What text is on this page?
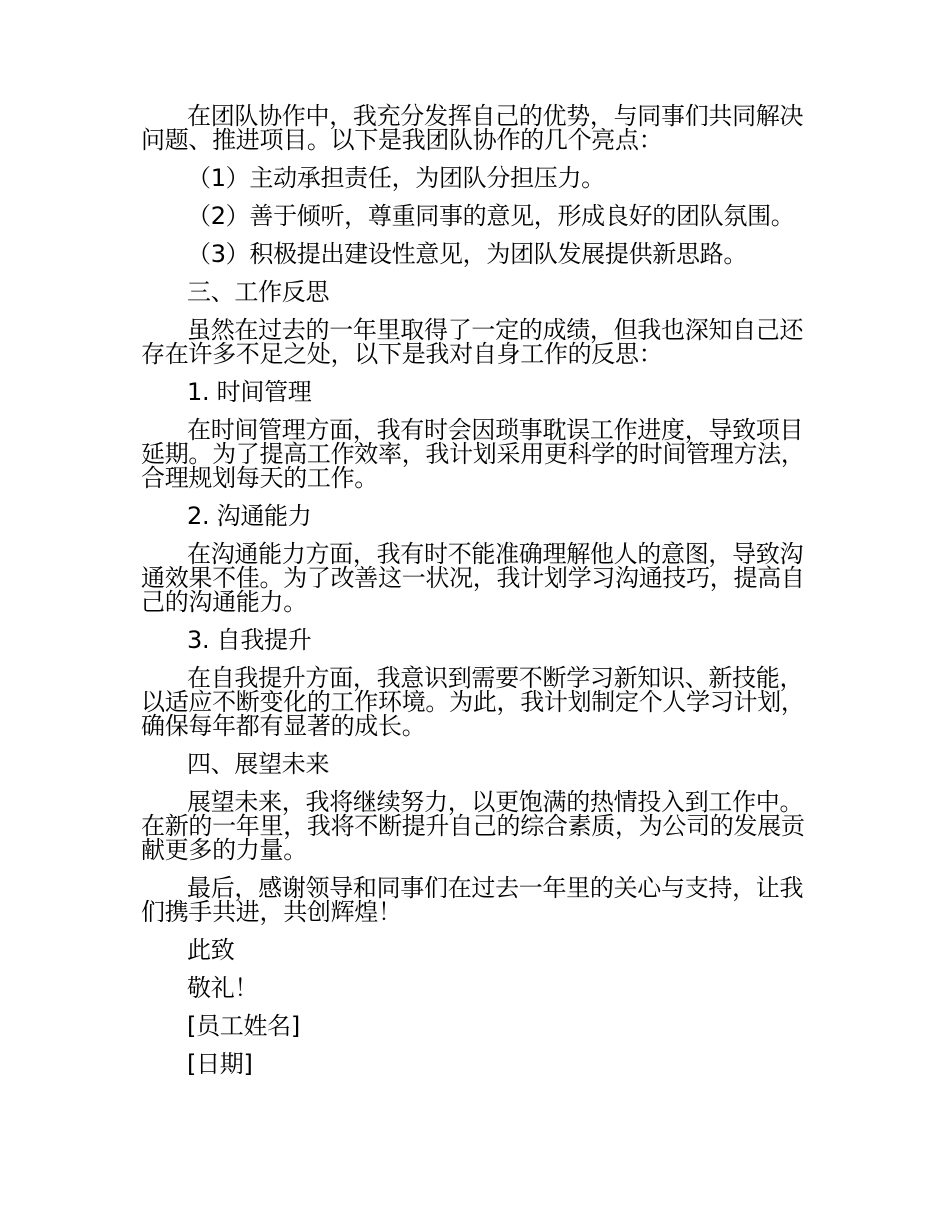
在团队协作中，我充分发挥自己的优势，与同事们共同解决问题、推进项目。以下是我团队协作的几个亮点：

（1）主动承担责任，为团队分担压力。

（2）善于倾听，尊重同事的意见，形成良好的团队氛围。

（3）积极提出建设性意见，为团队发展提供新思路。

三、工作反思

虽然在过去的一年里取得了一定的成绩，但我也深知自己还存在许多不足之处，以下是我对自身工作的反思：

1. 时间管理

在时间管理方面，我有时会因琐事耽误工作进度，导致项目延期。为了提高工作效率，我计划采用更科学的时间管理方法，合理规划每天的工作。

2. 沟通能力

在沟通能力方面，我有时不能准确理解他人的意图，导致沟通效果不佳。为了改善这一状况，我计划学习沟通技巧，提高自己的沟通能力。

3. 自我提升

在自我提升方面，我意识到需要不断学习新知识、新技能，以适应不断变化的工作环境。为此，我计划制定个人学习计划，确保每年都有显著的成长。

四、展望未来

展望未来，我将继续努力，以更饱满的热情投入到工作中。在新的一年里，我将不断提升自己的综合素质，为公司的发展贡献更多的力量。

最后，感谢领导和同事们在过去一年里的关心与支持，让我们携手共进，共创辉煌！

此致

敬礼！

[员工姓名]

[日期]
